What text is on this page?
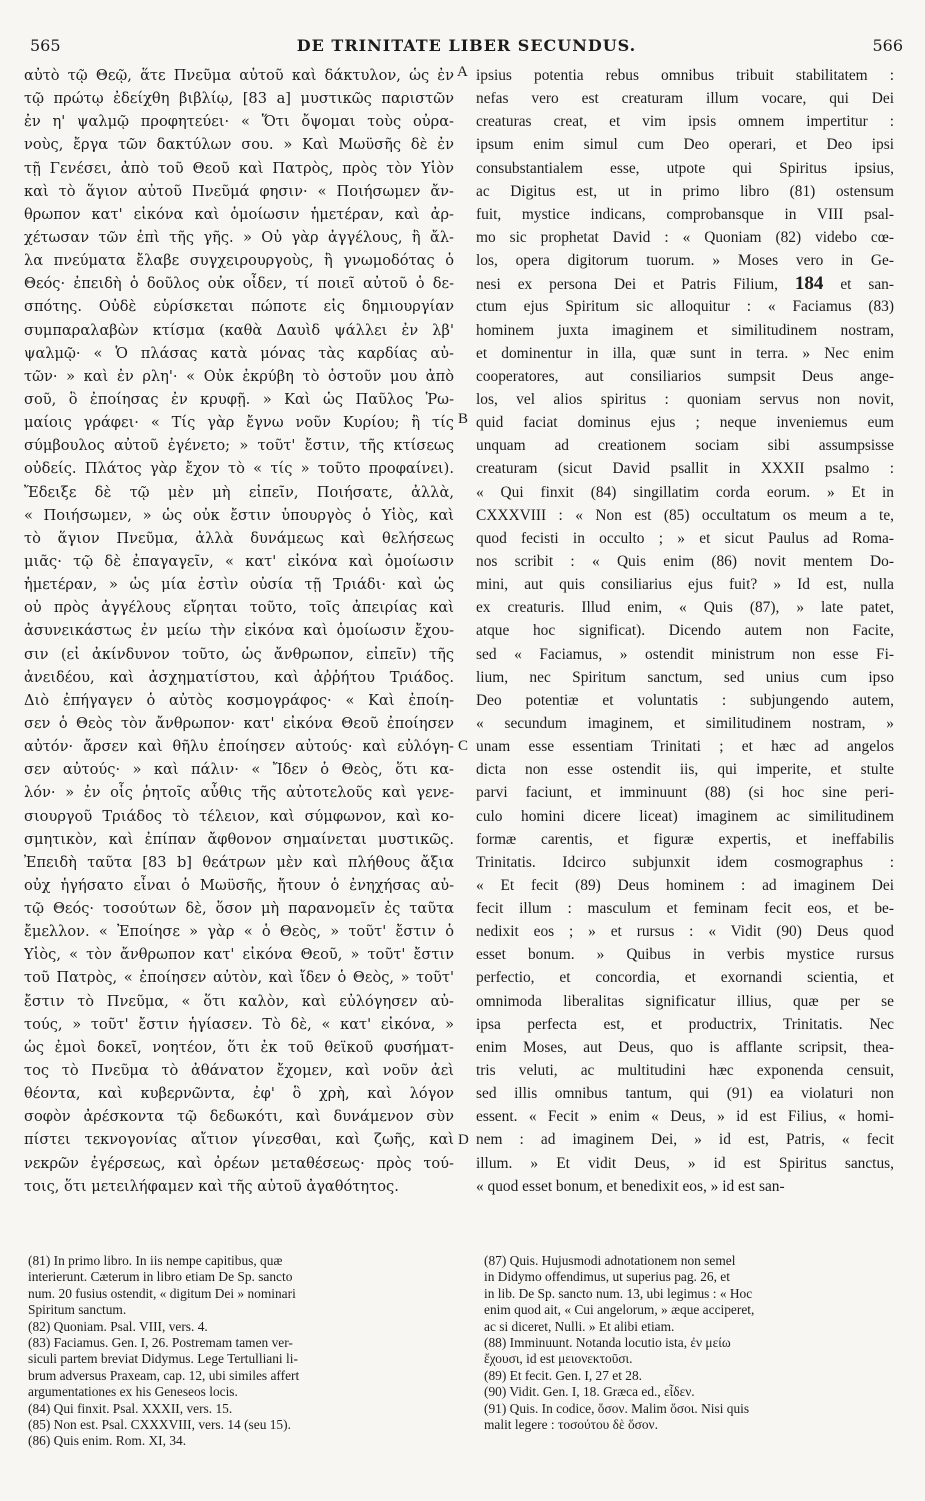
565	DE TRINITATE LIBER SECUNDUS.	566
αὐτὸ τῷ Θεῷ, ἅτε Πνεῦμα αὐτοῦ καὶ δάκτυλον, ὡς ἐν
τῷ πρώτῳ ἐδείχθη βιβλίῳ, [83 a] μυστικῶς παριστῶν
ἐν η' ψαλμῷ προφητεύει· « Ὅτι ὄψομαι τοὺς οὐρα-
νοὺς, ἔργα τῶν δακτύλων σου. » Καὶ Μωϋσῆς δὲ ἐν
τῇ Γενέσει, ἀπὸ τοῦ Θεοῦ καὶ Πατρὸς, πρὸς τὸν Υἱὸν
καὶ τὸ ἅγιον αὐτοῦ Πνεῦμά φησιν· « Ποιήσωμεν ἄν-
θρωπον κατ' εἰκόνα καὶ ὁμοίωσιν ἡμετέραν, καὶ ἀρ-
χέτωσαν τῶν ἐπὶ τῆς γῆς. » Οὐ γὰρ ἀγγέλους, ἢ ἄλ-
λα πνεύματα ἔλαβε συγχειρουργοὺς, ἢ γνωμοδότας ὁ
Θεός· ἐπειδὴ ὁ δοῦλος οὐκ οἶδεν, τί ποιεῖ αὐτοῦ ὁ δε-
σπότης. Οὐδὲ εὑρίσκεται πώποτε εἰς δημιουργίαν
συμπαραλαβὼν κτίσμα (καθὰ Δαυὶδ ψάλλει ἐν λβ'
ψαλμῷ· « Ὁ πλάσας κατὰ μόνας τὰς καρδίας αὐ-
τῶν· » καὶ ἐν ρλη'· « Οὐκ ἐκρύβη τὸ ὀστοῦν μου ἀπὸ
σοῦ, ὃ ἐποίησας ἐν κρυφῇ. » Καὶ ὡς Παῦλος Ῥω-
μαίοις γράφει· « Τίς γὰρ ἔγνω νοῦν Κυρίου; ἢ τίς
σύμβουλος αὐτοῦ ἐγένετο; » τοῦτ' ἔστιν, τῆς κτίσεως
οὐδείς. Πλάτος γὰρ ἔχον τὸ « τίς » τοῦτο προφαίνει).
Ἔδειξε δὲ τῷ μὲν μὴ εἰπεῖν, Ποιήσατε, ἀλλὰ,
« Ποιήσωμεν, » ὡς οὐκ ἔστιν ὑπουργὸς ὁ Υἱὸς, καὶ
τὸ ἅγιον Πνεῦμα, ἀλλὰ δυνάμεως καὶ θελήσεως
μιᾶς· τῷ δὲ ἐπαγαγεῖν, « κατ' εἰκόνα καὶ ὁμοίωσιν
ἡμετέραν, » ὡς μία ἐστὶν οὐσία τῇ Τριάδι· καὶ ὡς
οὐ πρὸς ἀγγέλους εἴρηται τοῦτο, τοῖς ἀπειρίας καὶ
ἀσυνεικάστως ἐν μείω τὴν εἰκόνα καὶ ὁμοίωσιν ἔχου-
σιν (εἰ ἀκίνδυνον τοῦτο, ὡς ἄνθρωπον, εἰπεῖν) τῆς
ἀνειδέου, καὶ ἀσχηματίστου, καὶ ἀῤῥήτου Τριάδος.
Διὸ ἐπήγαγεν ὁ αὐτὸς κοσμογράφος· « Καὶ ἐποίη-
σεν ὁ Θεὸς τὸν ἄνθρωπον· κατ' εἰκόνα Θεοῦ ἐποίησεν
αὐτόν· ἄρσεν καὶ θῆλυ ἐποίησεν αὐτούς· καὶ εὐλόγη-
σεν αὐτούς· » καὶ πάλιν· « Ἴδεν ὁ Θεὸς, ὅτι κα-
λόν· » ἐν οἷς ῥητοῖς αὖθις τῆς αὐτοτελοῦς καὶ γενε-
σιουργοῦ Τριάδος τὸ τέλειον, καὶ σύμφωνον, καὶ κο-
σμητικὸν, καὶ ἐπίπαν ἄφθονον σημαίνεται μυστικῶς.
Ἐπειδὴ ταῦτα [83 b] θεάτρων μὲν καὶ πλήθους ἄξια
οὐχ ἡγήσατο εἶναι ὁ Μωϋσῆς, ἤτουν ὁ ἐνηχήσας αὐ-
τῷ Θεός· τοσούτων δὲ, ὅσον μὴ παρανομεῖν ἐς ταῦτα
ἔμελλον. « Ἐποίησε » γὰρ « ὁ Θεὸς, » τοῦτ' ἔστιν ὁ
Υἱὸς, « τὸν ἄνθρωπον κατ' εἰκόνα Θεοῦ, » τοῦτ' ἔστιν
τοῦ Πατρὸς, « ἐποίησεν αὐτὸν, καὶ ἴδεν ὁ Θεὸς, » τοῦτ'
ἔστιν τὸ Πνεῦμα, « ὅτι καλὸν, καὶ εὐλόγησεν αὐ-
τούς, » τοῦτ' ἔστιν ἡγίασεν. Τὸ δὲ, « κατ' εἰκόνα, »
ὡς ἐμοὶ δοκεῖ, νοητέον, ὅτι ἐκ τοῦ θεϊκοῦ φυσήματ-
τος τὸ Πνεῦμα τὸ ἀθάνατον ἔχομεν, καὶ νοῦν ἀεὶ
θέοντα, καὶ κυβερνῶντα, ἐφ' ὃ χρὴ, καὶ λόγον
σοφὸν ἀρέσκοντα τῷ δεδωκότι, καὶ δυνάμενον σὺν
πίστει τεκνογονίας αἴτιον γίνεσθαι, καὶ ζωῆς, καὶ
νεκρῶν ἐγέρσεως, καὶ ὀρέων μεταθέσεως· πρὸς τού-
τοις, ὅτι μετειλήφαμεν καὶ τῆς αὐτοῦ ἀγαθότητος.
ipsius potentia rebus omnibus tribuit stabilitatem :
nefas vero est creaturam illum vocare, qui Dei
creaturas creat, et vim ipsis omnem impertitur :
ipsum enim simul cum Deo operari, et Deo ipsi
consubstantialem esse, utpote qui Spiritus ipsius,
ac Digitus est, ut in primo libro (81) ostensum
fuit, mystice indicans, comprobansque in VIII psal-
mo sic prophetat David : « Quoniam (82) videbo cœ-
los, opera digitorum tuorum. » Moses vero in Ge-
nesi ex persona Dei et Patris Filium, 184 et san-
ctum ejus Spiritum sic alloquitur : « Faciamus (83)
hominem juxta imaginem et similitudinem nostram,
et dominentur in illa, quæ sunt in terra. » Nec enim
cooperatores, aut consiliarios sumpsit Deus ange-
los, vel alios spiritus : quoniam servus non novit,
quid faciat dominus ejus ; neque inveniemus eum
unquam ad creationem sociam sibi assumpsisse
creaturam (sicut David psallit in XXXII psalmo :
« Qui finxit (84) singillatim corda eorum. » Et in
CXXXVIII : « Non est (85) occultatum os meum a te,
quod fecisti in occulto ; » et sicut Paulus ad Roma-
nos scribit : « Quis enim (86) novit mentem Do-
mini, aut quis consiliarius ejus fuit? » Id est, nulla
ex creaturis. Illud enim, « Quis (87), » late patet,
atque hoc significat). Dicendo autem non Facite,
sed « Faciamus, » ostendit ministrum non esse Fi-
lium, nec Spiritum sanctum, sed unius cum ipso
Deo potentiæ et voluntatis : subjungendo autem,
« secundum imaginem, et similitudinem nostram, »
unam esse essentiam Trinitati ; et hæc ad angelos
dicta non esse ostendit iis, qui imperite, et stulte
parvi faciunt, et imminuunt (88) (si hoc sine peri-
culo homini dicere liceat) imaginem ac similitudinem
formæ carentis, et figuræ expertis, et ineffabilis
Trinitatis. Idcirco subjunxit idem cosmographus :
« Et fecit (89) Deus hominem : ad imaginem Dei
fecit illum : masculum et feminam fecit eos, et be-
nedixit eos ; » et rursus : « Vidit (90) Deus quod
esset bonum. » Quibus in verbis mystice rursus
perfectio, et concordia, et exornandi scientia, et
omnimoda liberalitas significatur illius, quæ per se
ipsa perfecta est, et productrix, Trinitatis. Nec
enim Moses, aut Deus, quo is afflante scripsit, thea-
tris veluti, ac multitudini hæc exponenda censuit,
sed illis omnibus tantum, qui (91) ea violaturi non
essent. « Fecit » enim « Deus, » id est Filius, « homi-
nem : ad imaginem Dei, » id est, Patris, « fecit
illum. » Et vidit Deus, » id est Spiritus sanctus,
« quod esset bonum, et benedixit eos, » id est san-
A
B
C
D
(81) In primo libro. In iis nempe capitibus, quæ
interierunt. Cæterum in libro etiam De Sp. sancto
num. 20 fusius ostendit, « digitum Dei » nominari
Spiritum sanctum.
(82) Quoniam. Psal. VIII, vers. 4.
(83) Faciamus. Gen. I, 26. Postremam tamen ver-
siculi partem breviat Didymus. Lege Tertulliani li-
brum adversus Praxeam, cap. 12, ubi similes affert
argumentationes ex his Geneseos locis.
(84) Qui finxit. Psal. XXXII, vers. 15.
(85) Non est. Psal. CXXXVIII, vers. 14 (seu 15).
(86) Quis enim. Rom. XI, 34.
(87) Quis. Hujusmodi adnotationem non semel
in Didymo offendimus, ut superius pag. 26, et
in lib. De Sp. sancto num. 13, ubi legimus : « Hoc
enim quod ait, « Cui angelorum, » æque acciperet,
ac si diceret, Nulli. » Et alibi etiam.
(88) Imminuunt. Notanda locutio ista, ἐν μείω
ἔχουσι, id est μειονεκτοῦσι.
(89) Et fecit. Gen. I, 27 et 28.
(90) Vidit. Gen. I, 18. Græca ed., εἶδεν.
(91) Quis. In codice, ὅσον. Malim ὅσοι. Nisi quis
malit legere : τοσούτου δὲ ὅσον.
